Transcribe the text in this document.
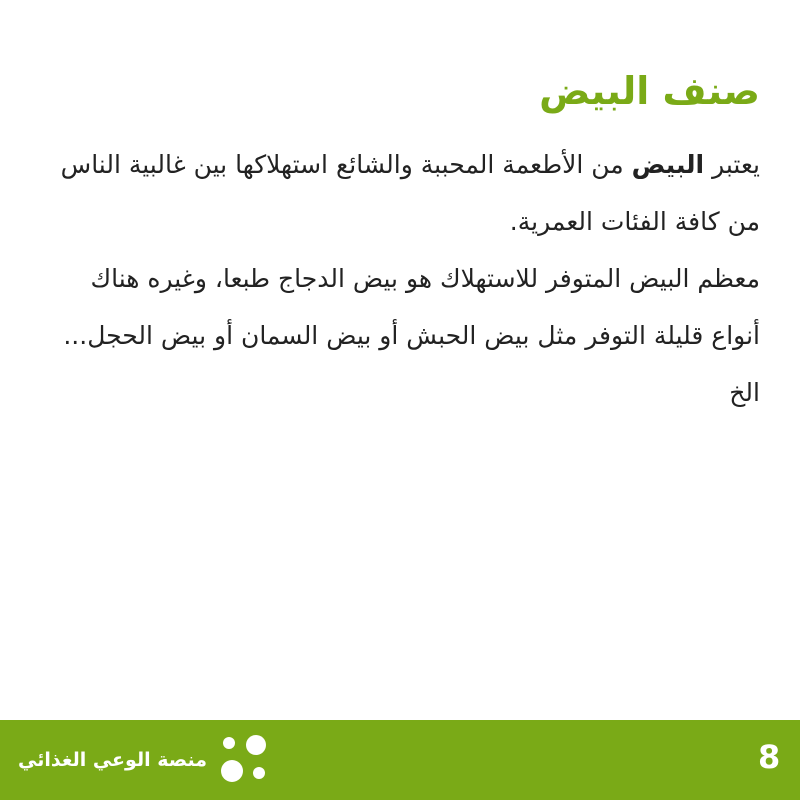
صنف البيض

يعتبر البيض من الأطعمة المحببة والشائع استهلاكها بين غالبية الناس من كافة الفئات العمرية.

معظم البيض المتوفر للاستهلاك هو بيض الدجاج طبعا، وغيره هناك أنواع قليلة التوفر مثل بيض الحبش أو بيض السمان أو بيض الحجل... الخ

منصة الوعي الغذائي	8
